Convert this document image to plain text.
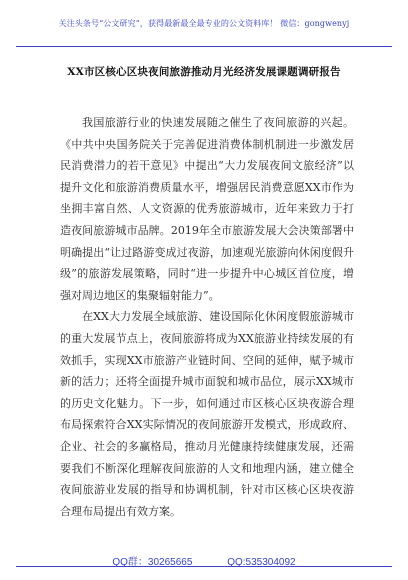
关注头条号“公文研究”，获得最新最全最专业的公文资料库！ 微信：gongwenyj
XX市区核心区块夜间旅游推动月光经济发展课题调研报告

我国旅游行业的快速发展随之催生了夜间旅游的兴起。《中共中央国务院关于完善促进消费体制机制进一步激发居民消费潜力的若干意见》中提出“大力发展夜间文旅经济”以提升文化和旅游消费质量水平，增强居民消费意愿XX市作为坐拥丰富自然、人文资源的优秀旅游城市，近年来致力于打造夜间旅游城市品牌。2019年全市旅游发展大会决策部署中明确提出“让过路游变成过夜游，加速观光旅游向休闲度假升级”的旅游发展策略，同时“进一步提升中心城区首位度，增强对周边地区的集聚辐射能力”。

在XX大力发展全域旅游、建设国际化休闲度假旅游城市的重大发展节点上，夜间旅游将成为XX旅游业持续发展的有效抓手，实现XX市旅游产业链时间、空间的延伸，赋予城市新的活力；还将全面提升城市面貌和城市品位，展示XX城市的历史文化魅力。下一步，如何通过市区核心区块夜游合理布局探索符合XX实际情况的夜间旅游开发模式，形成政府、企业、社会的多赢格局，推动月光健康持续健康发展，还需要我们不断深化理解夜间旅游的人文和地理内涵，建立健全夜间旅游业发展的指导和协调机制，针对市区核心区块夜游合理布局提出有效方案。

QQ群：30265665	QQ:535304092
